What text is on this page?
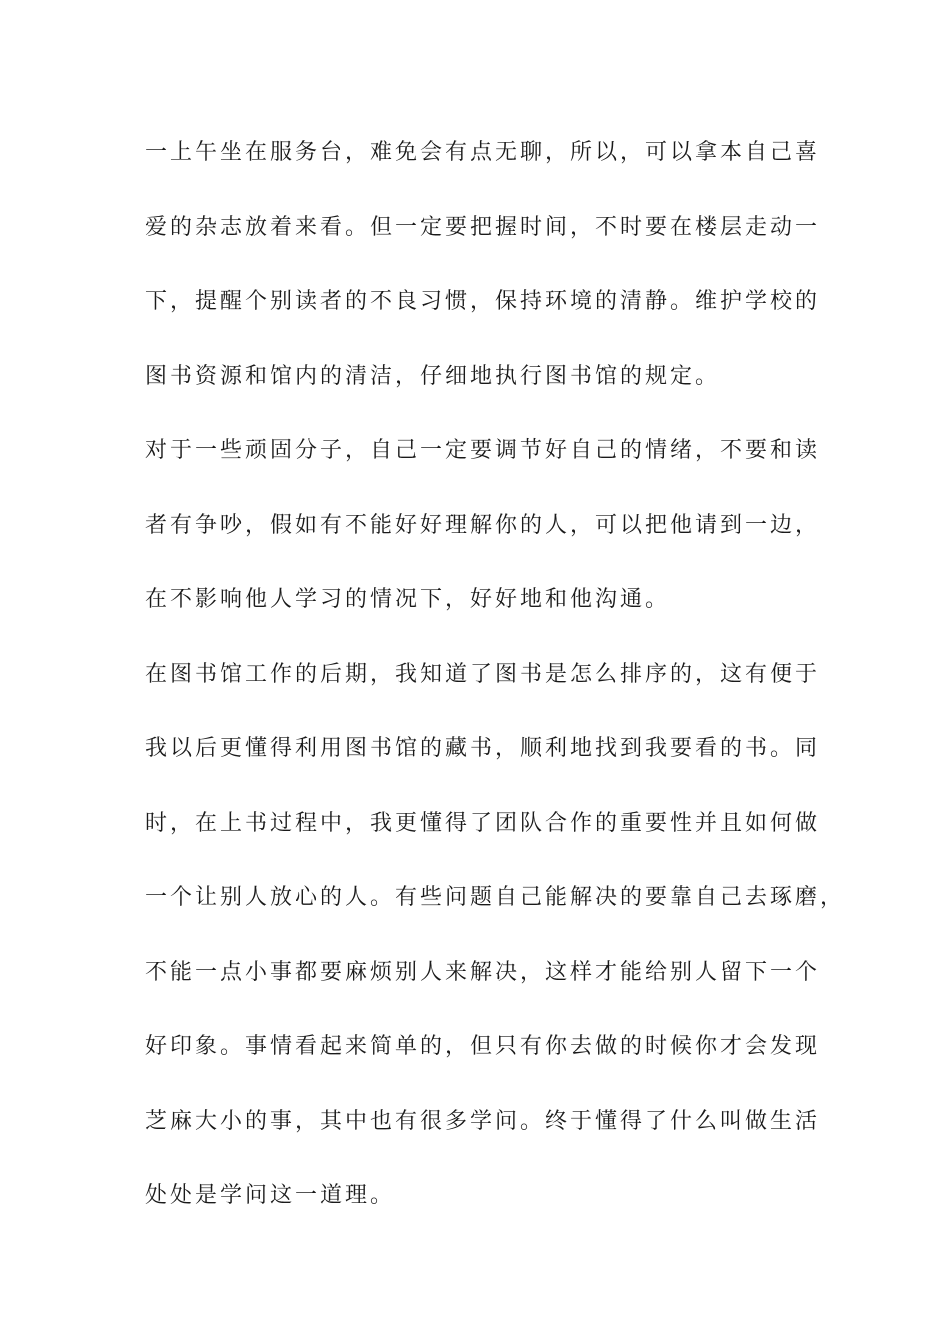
一上午坐在服务台，难免会有点无聊，所以，可以拿本自己喜
爱的杂志放着来看。但一定要把握时间，不时要在楼层走动一
下，提醒个别读者的不良习惯，保持环境的清静。维护学校的
图书资源和馆内的清洁，仔细地执行图书馆的规定。
对于一些顽固分子，自己一定要调节好自己的情绪，不要和读
者有争吵，假如有不能好好理解你的人，可以把他请到一边，
在不影响他人学习的情况下，好好地和他沟通。
在图书馆工作的后期，我知道了图书是怎么排序的，这有便于
我以后更懂得利用图书馆的藏书，顺利地找到我要看的书。同
时，在上书过程中，我更懂得了团队合作的重要性并且如何做
一个让别人放心的人。有些问题自己能解决的要靠自己去琢磨，
不能一点小事都要麻烦别人来解决，这样才能给别人留下一个
好印象。事情看起来简单的，但只有你去做的时候你才会发现
芝麻大小的事，其中也有很多学问。终于懂得了什么叫做生活
处处是学问这一道理。
